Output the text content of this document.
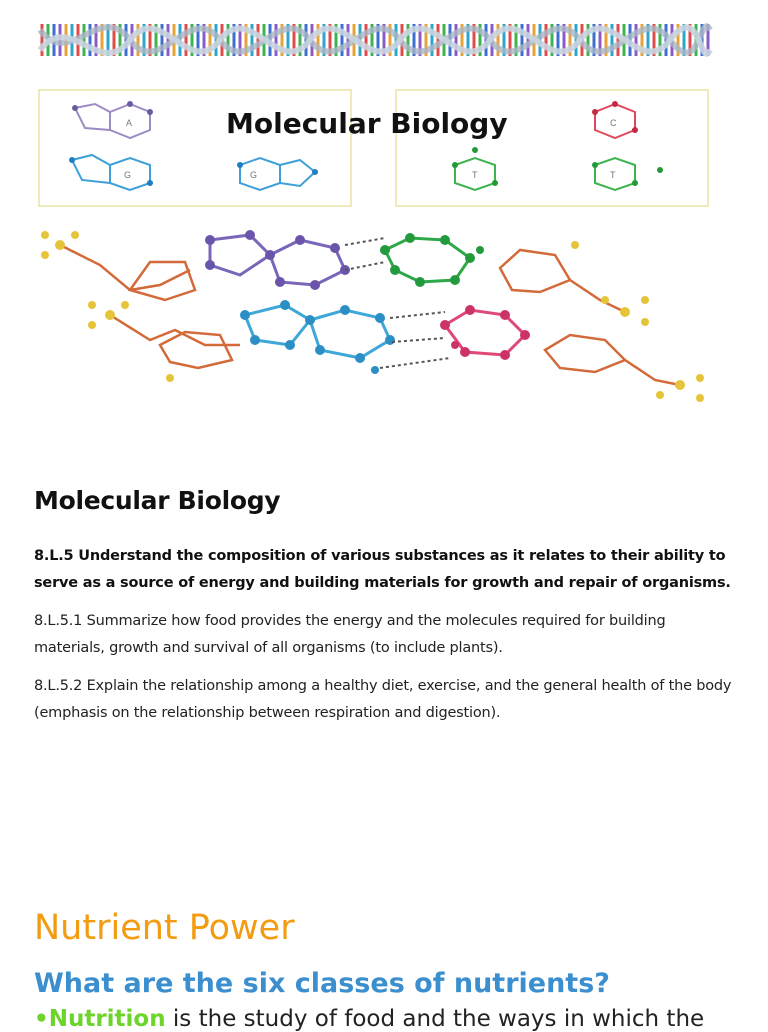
A
G	G
C
T	T
Molecular Biology
Molecular Biology

8.L.5 Understand the composition of various substances as it relates to their ability to serve as a source of energy and building materials for growth and repair of organisms.

8.L.5.1 Summarize how food provides the energy and the molecules required for building materials, growth and survival of all organisms (to include plants).

8.L.5.2 Explain the relationship among a healthy diet, exercise, and the general health of the body (emphasis on the relationship between respiration and digestion).

Nutrient Power
What are the six classes of nutrients?

•Nutrition is the study of food and the ways in which the
